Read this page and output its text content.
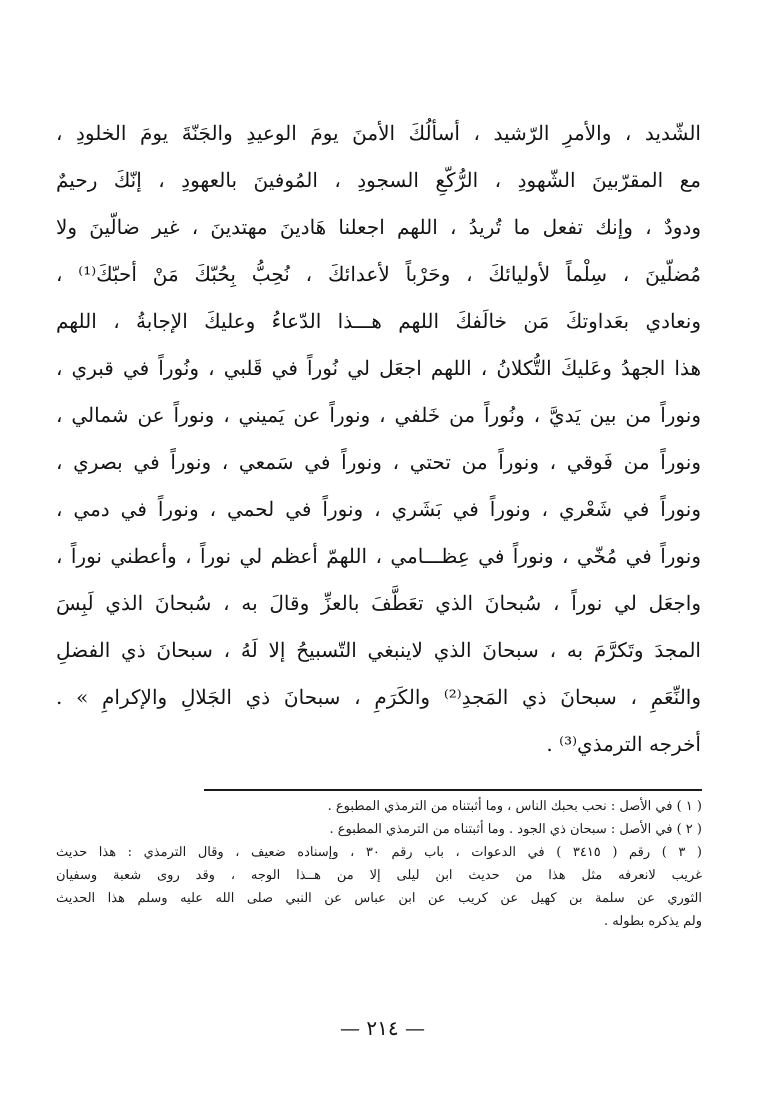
الشّديد ، والأمرِ الرّشيد ، أسألُكَ الأمنَ يومَ الوعيدِ والجَنّةَ يومَ الخلودِ ،
مع المقرّبينَ الشّهودِ ، الرُّكّعِ السجودِ ، المُوفينَ بالعهودِ ، إنّكَ رحيمٌ
ودودٌ ، وإنك تفعل ما تُريدُ ، اللهم اجعلنا هَادينَ مهتدينَ ، غير ضالّينَ ولا
مُضلّينَ ، سِلْماً لأوليائكَ ، وحَرْباً لأعدائكَ ، نُحِبُّ بِحُبّكَ مَنْ أحبّكَ⁽¹⁾ ،
ونعادي بعَداوتكَ مَن خالَفكَ اللهم هـــذا الدّعاءُ وعليكَ الإجابةُ ، اللهم
هذا الجهدُ وعَليكَ التُّكلانُ ، اللهم اجعَل لي نُوراً في قَلبي ، ونُوراً في قبري ،
ونوراً من بين يَديَّ ، ونُوراً من خَلفي ، ونوراً عن يَميني ، ونوراً عن شمالي ،
ونوراً من فَوقي ، ونوراً من تحتي ، ونوراً في سَمعي ، ونوراً في بصري ،
ونوراً في شَعْري ، ونوراً في بَشَري ، ونوراً في لحمي ، ونوراً في دمي ،
ونوراً في مُخّي ، ونوراً في عِظـــامي ، اللهمّ أعظم لي نوراً ، وأعطني نوراً ،
واجعَل لي نوراً ، سُبحانَ الذي تعَطَّفَ بالعزِّ وقالَ به ، سُبحانَ الذي لَبِسَ
المجدَ وتَكرَّمَ به ، سبحانَ الذي لاينبغي التّسبيحُ إلا لَهُ ، سبحانَ ذي الفضلِ
والنِّعَمِ ، سبحانَ ذي المَجدِ⁽²⁾ والكَرَمِ ، سبحانَ ذي الجَلالِ والإكرامِ » .
أخرجه الترمذي⁽³⁾ .
( ١ ) في الأصل : نحب بحبك الناس ، وما أثبتناه من الترمذي المطبوع .
( ٢ ) في الأصل : سبحان ذي الجود . وما أثبتناه من الترمذي المطبوع .
( ٣ ) رقم ( ٣٤١٥ ) في الدعوات ، باب رقم ٣٠ ، وإسناده ضعيف ، وقال الترمذي : هذا حديث
غريب لانعرفه مثل هذا من حديث ابن ليلى إلا من هــذا الوجه ، وقد روى شعبة وسفيان
الثوري عن سلمة بن كهيل عن كريب عن ابن عباس عن النبي صلى الله عليه وسلم هذا الحديث
ولم يذكره بطوله .
— ٢١٤ —
